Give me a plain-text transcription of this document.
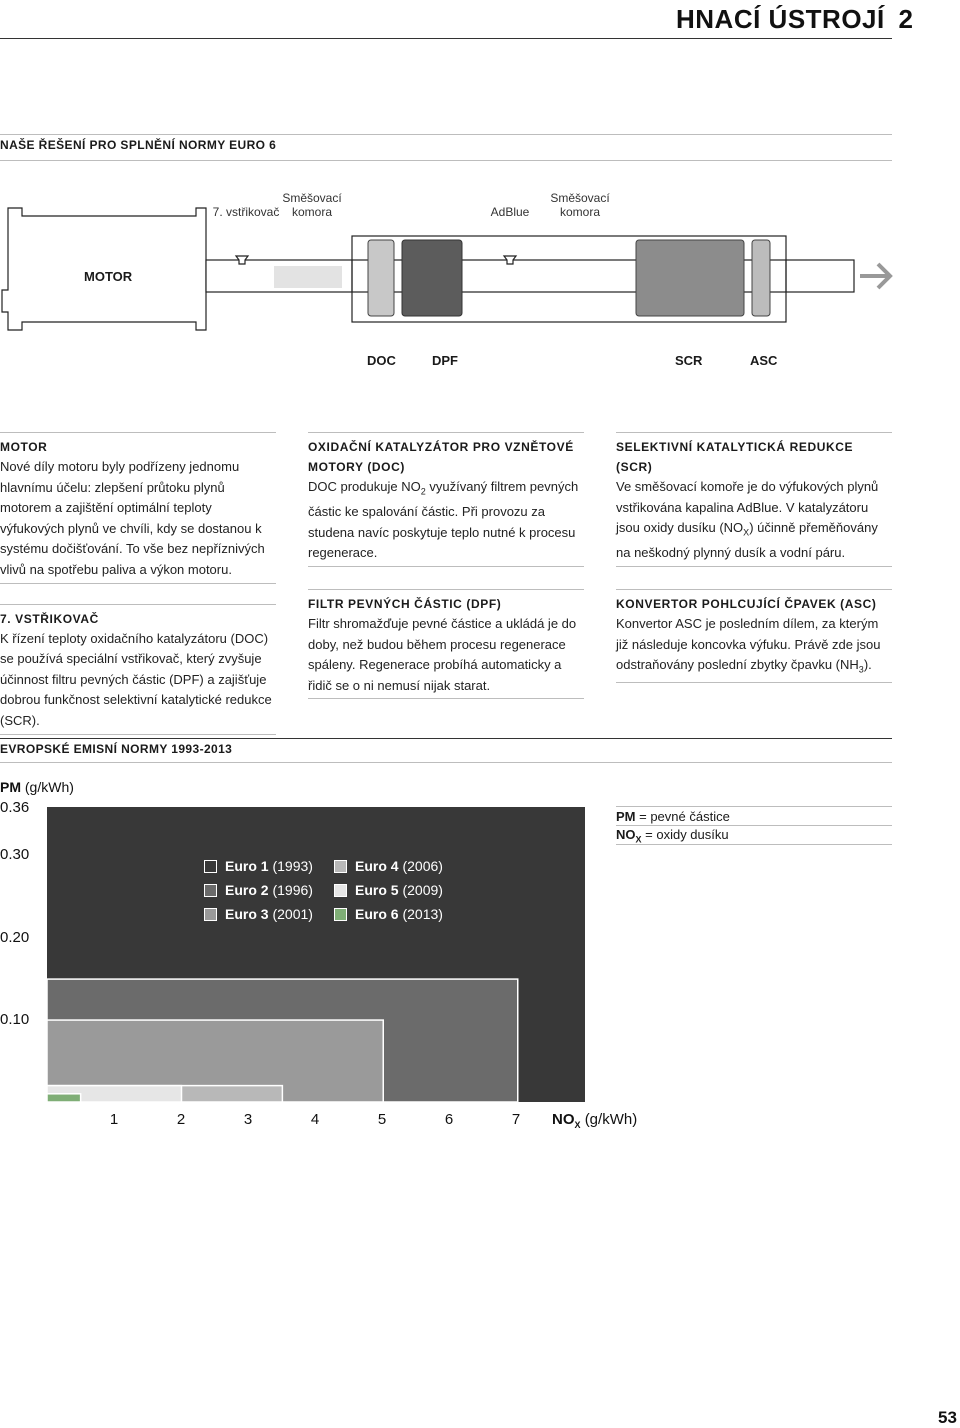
HNACÍ ÚSTROJÍ 2
NAŠE ŘEŠENÍ PRO SPLNĚNÍ NORMY EURO 6
7. vstřikovač
Směšovací
komora	AdBlue
Směšovací
komora
MOTOR
DOC	DPF	SCR	ASC
MOTOR
Nové díly motoru byly podřízeny jednomu hlavnímu účelu: zlepšení průtoku plynů motorem a zajištění optimální teploty výfukových plynů ve chvíli, kdy se dostanou k systému dočišťování. To vše bez nepříznivých vlivů na spotřebu paliva a výkon motoru.
7. VSTŘIKOVAČ
K řízení teploty oxidačního katalyzátoru (DOC) se používá speciální vstřikovač, který zvyšuje účinnost filtru pevných částic (DPF) a zajišťuje dobrou funkčnost selektivní katalytické redukce (SCR).
OXIDAČNÍ KATALYZÁTOR PRO VZNĚTOVÉ MOTORY (DOC)
DOC produkuje $NO_2$ využívaný filtrem pevných částic ke spalování částic. Při provozu za studena navíc poskytuje teplo nutné k procesu regenerace.
FILTR PEVNÝCH ČÁSTIC (DPF)
Filtr shromažďuje pevné částice a ukládá je do doby, než budou během procesu regenerace spáleny. Regenerace probíhá automaticky a řidič se o ni nemusí nijak starat.
SELEKTIVNÍ KATALYTICKÁ REDUKCE (SCR)
Ve směšovací komoře je do výfukových plynů vstřikována kapalina AdBlue. V katalyzátoru jsou oxidy dusíku $(NO_X)$ účinně přeměňovány na neškodný plynný dusík a vodní páru.
KONVERTOR POHLCUJÍCÍ ČPAVEK (ASC)
Konvertor ASC je posledním dílem, za kterým již následuje koncovka výfuku. Právě zde jsou odstraňovány poslední zbytky čpavku $(NH_3)$.
EVROPSKÉ EMISNÍ NORMY 1993-2013
PM (g/kWh)
0.36
0.30
0.20
0.10
1	2	3	4	5	6	7	$NO_X$ (g/kWh)
Euro 1 (1993)
Euro 2 (1996)
Euro 3 (2001)
Euro 4 (2006)
Euro 5 (2009)
Euro 6 (2013)
PM = pevné částice
$NO_X$ = oxidy dusíku
53
